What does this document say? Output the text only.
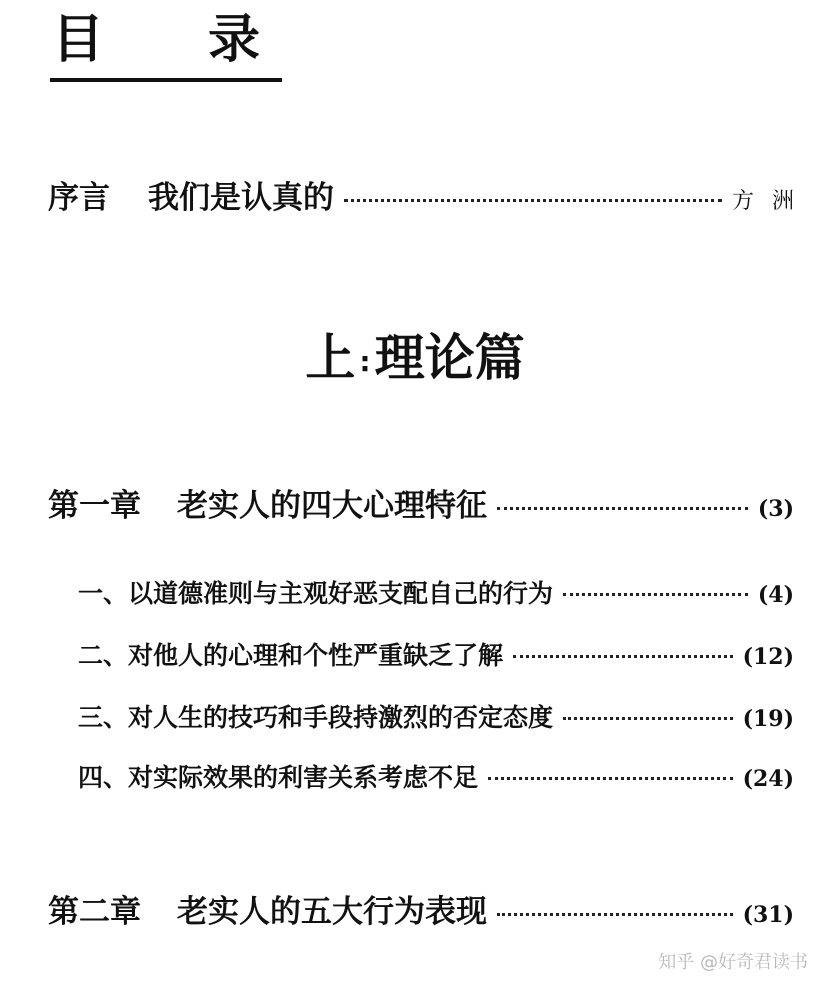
目 录
序言 我们是认真的	方洲
上 :理论篇
第一章 老实人的四大心理特征	(3)
一、以道德准则与主观好恶支配自己的行为	(4)
二、对他人的心理和个性严重缺乏了解	(12)
三、对人生的技巧和手段持激烈的否定态度	(19)
四、对实际效果的利害关系考虑不足	(24)
第二章 老实人的五大行为表现	(31)
知乎 @好奇君读书
